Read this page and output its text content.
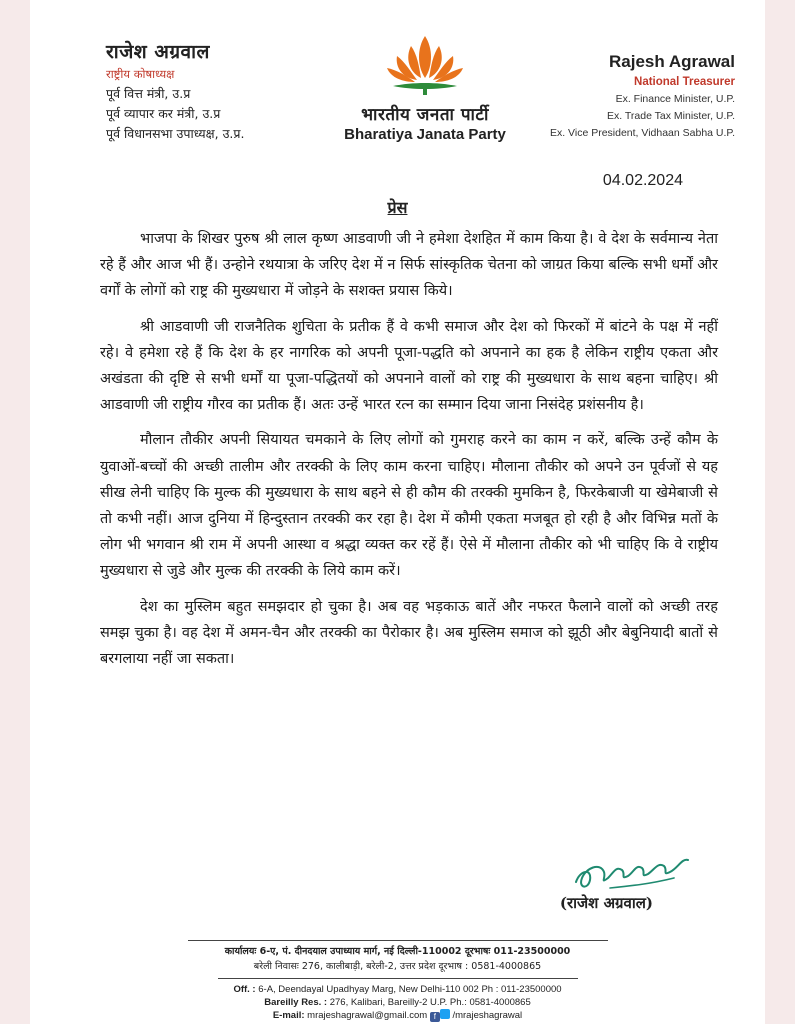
राजेश अग्रवाल
राष्ट्रीय कोषाध्यक्ष
पूर्व वित्त मंत्री, उ.प्र
पूर्व व्यापार कर मंत्री, उ.प्र
पूर्व विधानसभा उपाध्यक्ष, उ.प्र.
भारतीय जनता पार्टी
Bharatiya Janata Party
Rajesh Agrawal
National Treasurer
Ex. Finance Minister, U.P.
Ex. Trade Tax Minister, U.P.
Ex. Vice President, Vidhaan Sabha U.P.
04.02.2024
प्रेस

भाजपा के शिखर पुरुष श्री लाल कृष्ण आडवाणी जी ने हमेशा देशहित में काम किया है। वे देश के सर्वमान्य नेता रहे हैं और आज भी हैं। उन्होने रथयात्रा के जरिए देश में न सिर्फ सांस्कृतिक चेतना को जाग्रत किया बल्कि सभी धर्मों और वर्गों के लोगों को राष्ट्र की मुख्यधारा में जोड़ने के सशक्त प्रयास किये।

श्री आडवाणी जी राजनैतिक शुचिता के प्रतीक हैं वे कभी समाज और देश को फिरकों में बांटने के पक्ष में नहीं रहे। वे हमेशा रहे हैं कि देश के हर नागरिक को अपनी पूजा-पद्धति को अपनाने का हक है लेकिन राष्ट्रीय एकता और अखंडता की दृष्टि से सभी धर्मों या पूजा-पद्धितयों को अपनाने वालों को राष्ट्र की मुख्यधारा के साथ बहना चाहिए। श्री आडवाणी जी राष्ट्रीय गौरव का प्रतीक हैं। अतः उन्हें भारत रत्न का सम्मान दिया जाना निसंदेह प्रशंसनीय है।

मौलान तौकीर अपनी सियायत चमकाने के लिए लोगों को गुमराह करने का काम न करें, बल्कि उन्हें कौम के युवाओं-बच्चों की अच्छी तालीम और तरक्की के लिए काम करना चाहिए। मौलाना तौकीर को अपने उन पूर्वजों से यह सीख लेनी चाहिए कि मुल्क की मुख्यधारा के साथ बहने से ही कौम की तरक्की मुमकिन है, फिरकेबाजी या खेमेबाजी से तो कभी नहीं। आज दुनिया में हिन्दुस्तान तरक्की कर रहा है। देश में कौमी एकता मजबूत हो रही है और विभिन्न मतों के लोग भी भगवान श्री राम में अपनी आस्था व श्रद्धा व्यक्त कर रहें हैं। ऐसे में मौलाना तौकीर को भी चाहिए कि वे राष्ट्रीय मुख्यधारा से जुडे और मुल्क की तरक्की के लिये काम करें।

देश का मुस्लिम बहुत समझदार हो चुका है। अब वह भड़काऊ बातें और नफरत फैलाने वालों को अच्छी तरह समझ चुका है। वह देश में अमन-चैन और तरक्की का पैरोकार है। अब मुस्लिम समाज को झूठी और बेबुनियादी बातों से बरगलाया नहीं जा सकता।

(राजेश अग्रवाल)
कार्यालयः 6-ए, पं. दीनदयाल उपाध्याय मार्ग, नई दिल्ली-110002 दूरभाषः 011-23500000
बरेली निवासः 276, कालीबाड़ी, बरेली-2, उत्तर प्रदेश दूरभाष : 0581-4000865
Off. : 6-A, Deendayal Upadhyay Marg, New Delhi-110 002 Ph : 011-23500000
Bareilly Res. : 276, Kalibari, Bareilly-2 U.P. Ph.: 0581-4000865
E-mail: mrajeshagrawal@gmail.com f /mrajeshagrawal
